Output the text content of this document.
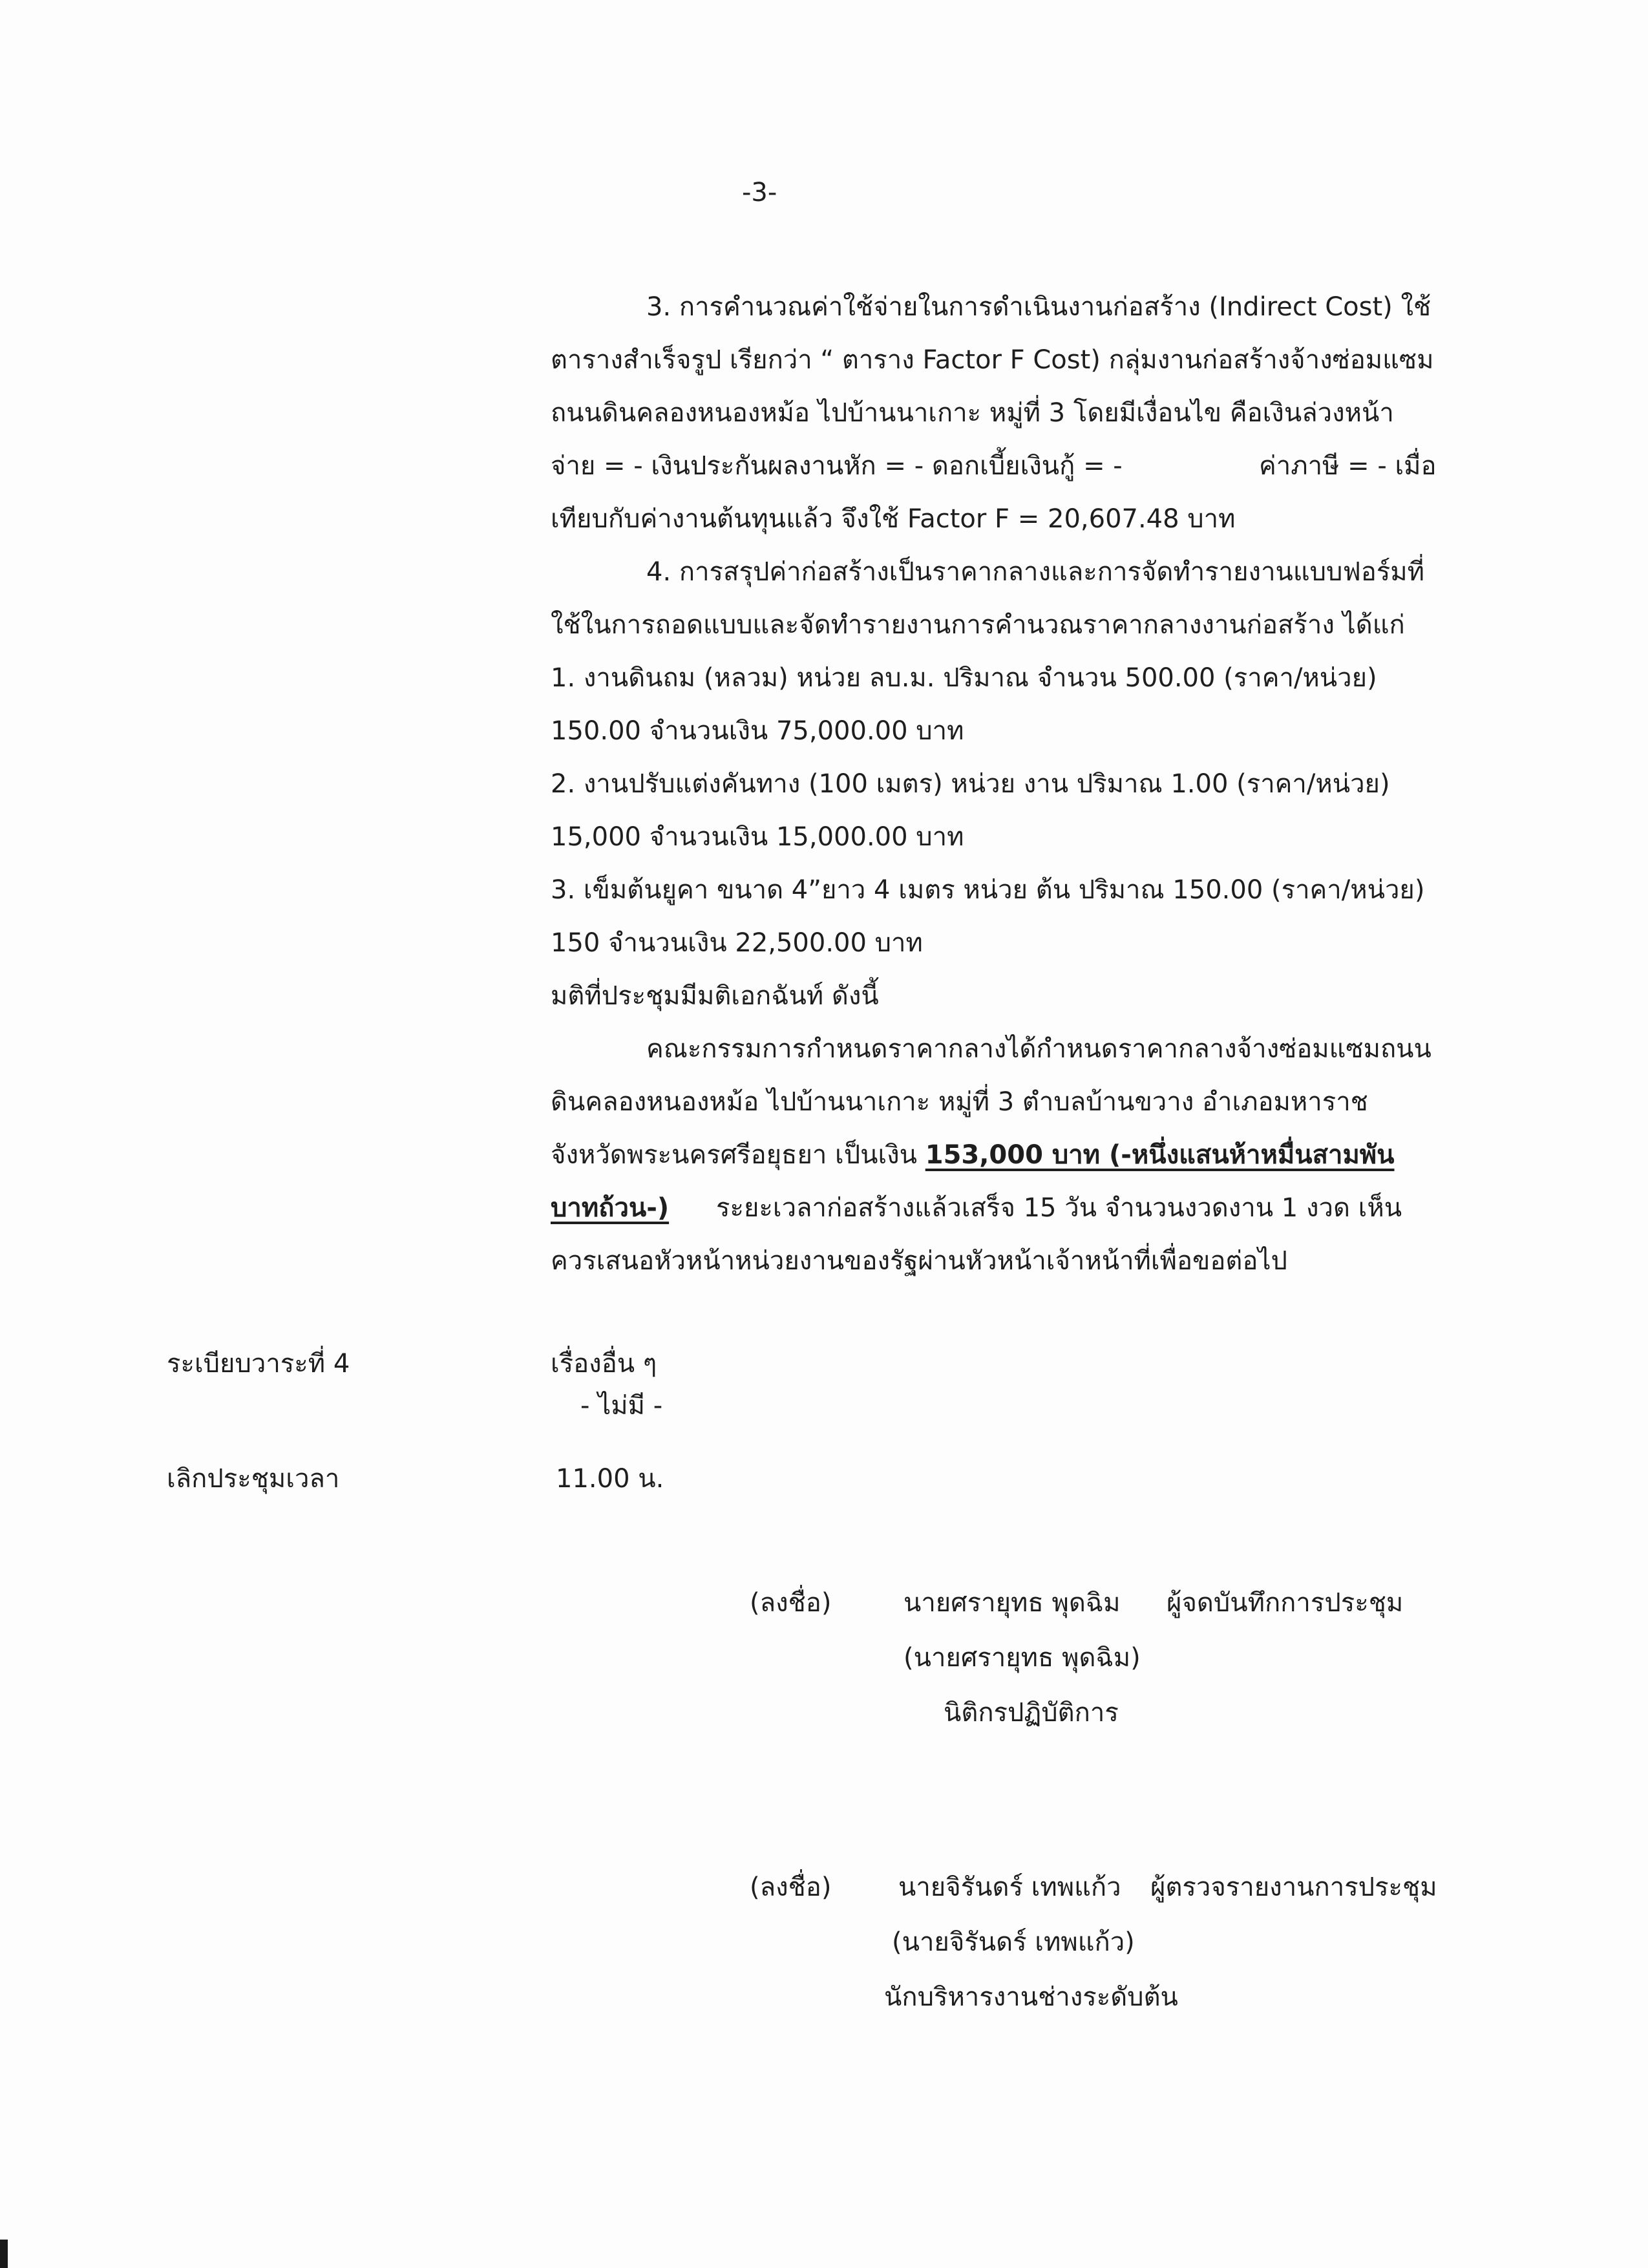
-3-
3. การคำนวณค่าใช้จ่ายในการดำเนินงานก่อสร้าง (Indirect Cost) ใช้
ตารางสำเร็จรูป เรียกว่า “ ตาราง Factor F Cost) กลุ่มงานก่อสร้างจ้างซ่อมแซม
ถนนดินคลองหนองหม้อ ไปบ้านนาเกาะ หมู่ที่ 3 โดยมีเงื่อนไข คือเงินล่วงหน้า
จ่าย = - เงินประกันผลงานหัก = - ดอกเบี้ยเงินกู้ = -	ค่าภาษี = - เมื่อ
เทียบกับค่างานต้นทุนแล้ว จึงใช้ Factor F = 20,607.48 บาท
4. การสรุปค่าก่อสร้างเป็นราคากลางและการจัดทำรายงานแบบฟอร์มที่
ใช้ในการถอดแบบและจัดทำรายงานการคำนวณราคากลางงานก่อสร้าง ได้แก่
1. งานดินถม (หลวม) หน่วย ลบ.ม. ปริมาณ จำนวน 500.00 (ราคา/หน่วย)
150.00 จำนวนเงิน 75,000.00 บาท
2. งานปรับแต่งคันทาง (100 เมตร) หน่วย งาน ปริมาณ 1.00 (ราคา/หน่วย)
15,000 จำนวนเงิน 15,000.00 บาท
3. เข็มต้นยูคา ขนาด 4”ยาว 4 เมตร หน่วย ต้น ปริมาณ 150.00 (ราคา/หน่วย)
150 จำนวนเงิน 22,500.00 บาท
มติที่ประชุมมีมติเอกฉันท์ ดังนี้
คณะกรรมการกำหนดราคากลางได้กำหนดราคากลางจ้างซ่อมแซมถนน
ดินคลองหนองหม้อ ไปบ้านนาเกาะ หมู่ที่ 3 ตำบลบ้านขวาง อำเภอมหาราช
จังหวัดพระนครศรีอยุธยา เป็นเงิน 153,000 บาท (-หนึ่งแสนห้าหมื่นสามพัน
บาทถ้วน-) ระยะเวลาก่อสร้างแล้วเสร็จ 15 วัน จำนวนงวดงาน 1 งวด เห็น
ควรเสนอหัวหน้าหน่วยงานของรัฐผ่านหัวหน้าเจ้าหน้าที่เพื่อขอต่อไป
ระเบียบวาระที่ 4	เรื่องอื่น ๆ
- ไม่มี -
เลิกประชุมเวลา	11.00 น.
(ลงชื่อ)	นายศรายุทธ พุดฉิม ผู้จดบันทึกการประชุม
(นายศรายุทธ พุดฉิม)
นิติกรปฏิบัติการ
(ลงชื่อ)	นายจิรันดร์ เทพแก้ว ผู้ตรวจรายงานการประชุม
(นายจิรันดร์ เทพแก้ว)
นักบริหารงานช่างระดับต้น
